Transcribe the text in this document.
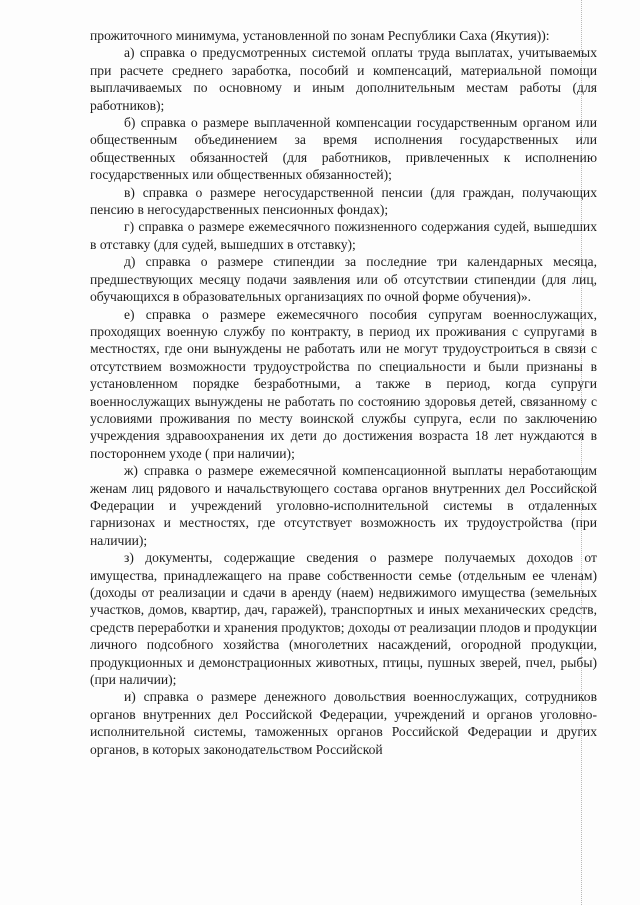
прожиточного минимума, установленной по зонам Республики Саха (Якутия)):

а) справка о предусмотренных системой оплаты труда выплатах, учитываемых при расчете среднего заработка, пособий и компенсаций, материальной помощи выплачиваемых по основному и иным дополнительным местам работы (для работников);

б) справка о размере выплаченной компенсации государственным органом или общественным объединением за время исполнения государственных или общественных обязанностей (для работников, привлеченных к исполнению государственных или общественных обязанностей);

в) справка о размере негосударственной пенсии (для граждан, получающих пенсию в негосударственных пенсионных фондах);

г) справка о размере ежемесячного пожизненного содержания судей, вышедших в отставку (для судей, вышедших в отставку);

д) справка о размере стипендии за последние три календарных месяца, предшествующих месяцу подачи заявления или об отсутствии стипендии (для лиц, обучающихся в образовательных организациях по очной форме обучения)».

е) справка о размере ежемесячного пособия супругам военнослужащих, проходящих военную службу по контракту, в период их проживания с супругами в местностях, где они вынуждены не работать или не могут трудоустроиться в связи с отсутствием возможности трудоустройства по специальности и были признаны в установленном порядке безработными, а также в период, когда супруги военнослужащих вынуждены не работать по состоянию здоровья детей, связанному с условиями проживания по месту воинской службы супруга, если по заключению учреждения здравоохранения их дети до достижения возраста 18 лет нуждаются в постороннем уходе ( при наличии);

ж) справка о размере ежемесячной компенсационной выплаты неработающим женам лиц рядового и начальствующего состава органов внутренних дел Российской Федерации и учреждений уголовно-исполнительной системы в отдаленных гарнизонах и местностях, где отсутствует возможность их трудоустройства (при наличии);

з) документы, содержащие сведения о размере получаемых доходов от имущества, принадлежащего на праве собственности семье (отдельным ее членам) (доходы от реализации и сдачи в аренду (наем) недвижимого имущества (земельных участков, домов, квартир, дач, гаражей), транспортных и иных механических средств, средств переработки и хранения продуктов; доходы от реализации плодов и продукции личного подсобного хозяйства (многолетних насаждений, огородной продукции, продукционных и демонстрационных животных, птицы, пушных зверей, пчел, рыбы) (при наличии);

и) справка о размере денежного довольствия военнослужащих, сотрудников органов внутренних дел Российской Федерации, учреждений и органов уголовно-исполнительной системы, таможенных органов Российской Федерации и других органов, в которых законодательством Российской
